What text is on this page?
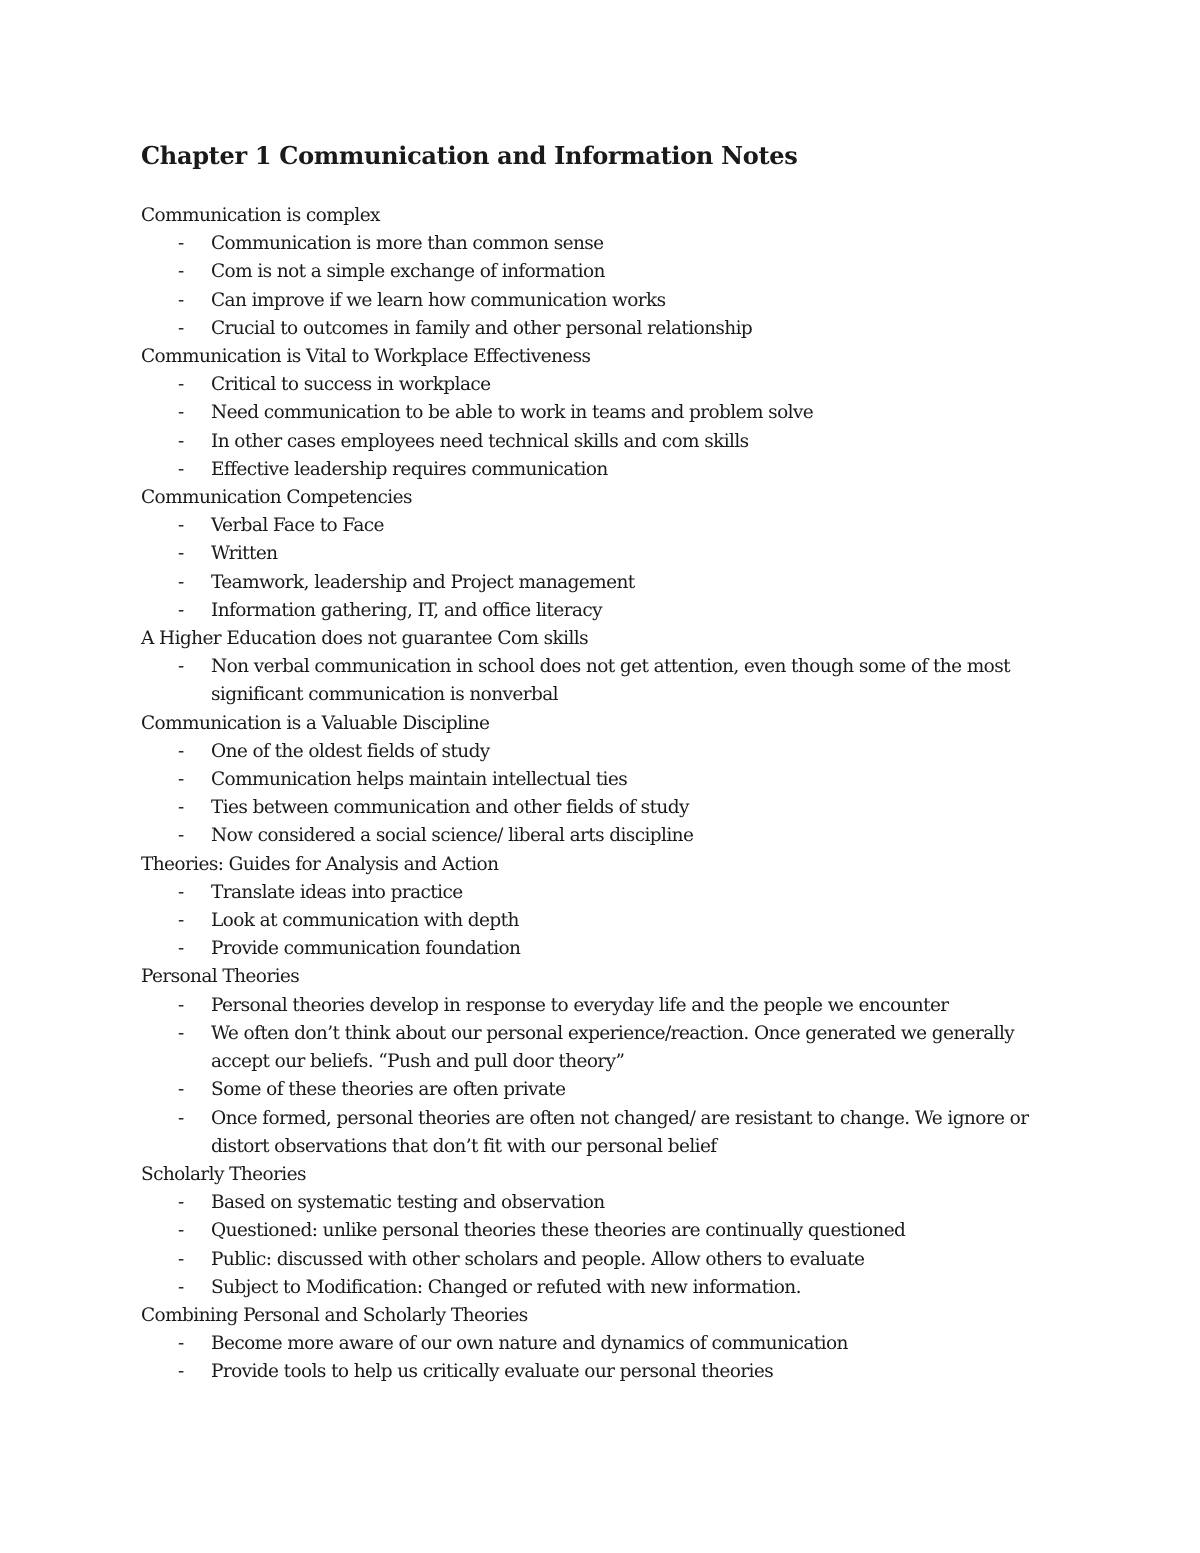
Chapter 1 Communication and Information Notes
Communication is complex
- Communication is more than common sense
- Com is not a simple exchange of information
- Can improve if we learn how communicati​on works
- Crucial to outcomes in family and other personal relationship
Communication is Vital to Workplace Effectiveness
- Critical to success in workplace
- Need communication to be able to work in teams and problem solve
- In other cases employees need technical skills and com skills
- Effective leadership requires communication
Communication Competencies
- Verbal Face to Face
- Written
- Teamwork, leadership and Project management
- Information gathering, IT, and office literacy
A Higher Education does not guarantee Com skills
- Non verbal communication in school does not get attention, even though some of the most significant communication is nonverbal
Communication is a Valuable Discipline
- One of the oldest fields of study
- Communication helps maintain intellectual ties
- Ties between communication and other fields of study
- Now considered a social science/ liberal arts discipline
Theories: Guides for Analysis and Action
- Translate ideas into practice
- Look at communication with depth
- Provide communication foundation
Personal Theories
- Personal theories develop in response to everyday life and the people we encounter
- We often don’t think about our personal experience/reaction. Once generated we generally accept our beliefs. “Push and pull door theory”
- Some of these theories are often private
- Once formed, personal theories are often not changed/ are resistant to change. We ignore or distort observations that don’t fit with our personal belief
Scholarly Theories
- Based on systematic testing and observation
- Questioned: unlike personal theories these theories are continually questioned
- Public: discussed with other scholars and people. Allow others to evaluate
- Subject to Modification: Changed or refuted with new information.
Combining Personal and Scholarly Theories
- Become more aware of our own nature and dynamics of communication
- Provide tools to help us critically evaluate our personal theories
